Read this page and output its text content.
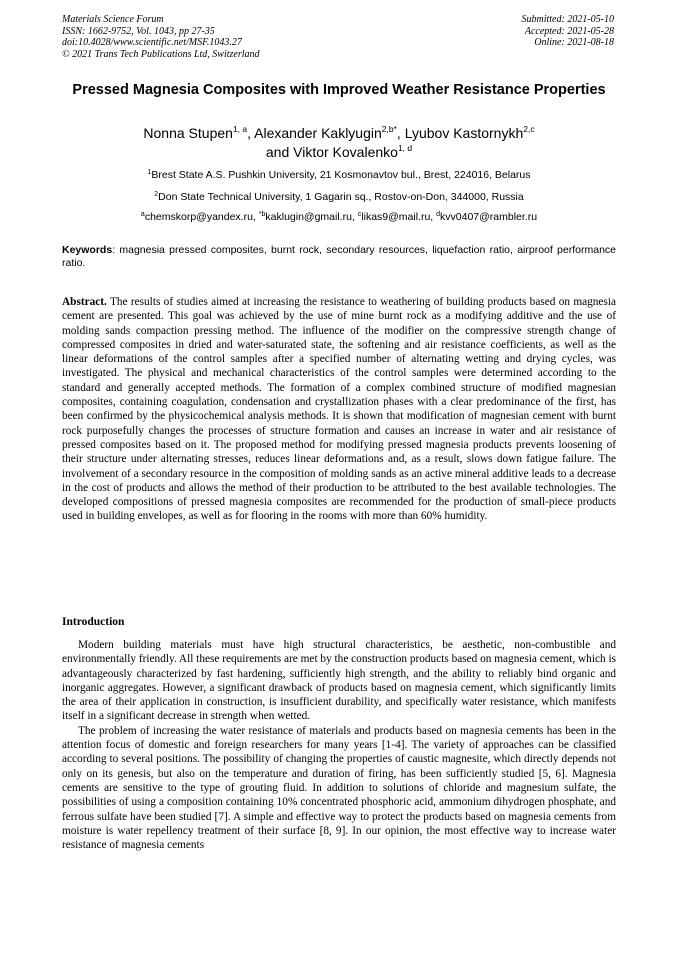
Materials Science Forum
ISSN: 1662-9752, Vol. 1043, pp 27-35
doi:10.4028/www.scientific.net/MSF.1043.27
© 2021 Trans Tech Publications Ltd, Switzerland
Submitted: 2021-05-10
Accepted: 2021-05-28
Online: 2021-08-18
Pressed Magnesia Composites with Improved Weather Resistance Properties
Nonna Stupen$^{1, a}$, Alexander Kaklyugin$^{2,b*}$, Lyubov Kastornykh$^{2,c}$
and Viktor Kovalenko$^{1, d}$
$^1$Brest State A.S. Pushkin University, 21 Kosmonavtov bul., Brest, 224016, Belarus
$^2$Don State Technical University, 1 Gagarin sq., Rostov-on-Don, 344000, Russia
$^a$chemskorp@yandex.ru, $^{*b}$kaklugin@gmail.ru, $^c$likas9@mail.ru, $^d$kvv0407@rambler.ru
Keywords: magnesia pressed composites, burnt rock, secondary resources, liquefaction ratio, airproof performance ratio.
Abstract. The results of studies aimed at increasing the resistance to weathering of building products based on magnesia cement are presented. This goal was achieved by the use of mine burnt rock as a modifying additive and the use of molding sands compaction pressing method. The influence of the modifier on the compressive strength change of compressed composites in dried and water-saturated state, the softening and air resistance coefficients, as well as the linear deformations of the control samples after a specified number of alternating wetting and drying cycles, was investigated. The physical and mechanical characteristics of the control samples were determined according to the standard and generally accepted methods. The formation of a complex combined structure of modified magnesian composites, containing coagulation, condensation and crystallization phases with a clear predominance of the first, has been confirmed by the physicochemical analysis methods. It is shown that modification of magnesian cement with burnt rock purposefully changes the processes of structure formation and causes an increase in water and air resistance of pressed composites based on it. The proposed method for modifying pressed magnesia products prevents loosening of their structure under alternating stresses, reduces linear deformations and, as a result, slows down fatigue failure. The involvement of a secondary resource in the composition of molding sands as an active mineral additive leads to a decrease in the cost of products and allows the method of their production to be attributed to the best available technologies. The developed compositions of pressed magnesia composites are recommended for the production of small-piece products used in building envelopes, as well as for flooring in the rooms with more than 60% humidity.
Introduction

Modern building materials must have high structural characteristics, be aesthetic, non-combustible and environmentally friendly. All these requirements are met by the construction products based on magnesia cement, which is advantageously characterized by fast hardening, sufficiently high strength, and the ability to reliably bind organic and inorganic aggregates. However, a significant drawback of products based on magnesia cement, which significantly limits the area of their application in construction, is insufficient durability, and specifically water resistance, which manifests itself in a significant decrease in strength when wetted.

The problem of increasing the water resistance of materials and products based on magnesia cements has been in the attention focus of domestic and foreign researchers for many years [1-4]. The variety of approaches can be classified according to several positions. The possibility of changing the properties of caustic magnesite, which directly depends not only on its genesis, but also on the temperature and duration of firing, has been sufficiently studied [5, 6]. Magnesia cements are sensitive to the type of grouting fluid. In addition to solutions of chloride and magnesium sulfate, the possibilities of using a composition containing 10% concentrated phosphoric acid, ammonium dihydrogen phosphate, and ferrous sulfate have been studied [7]. A simple and effective way to protect the products based on magnesia cements from moisture is water repellency treatment of their surface [8, 9]. In our opinion, the most effective way to increase water resistance of magnesia cements
